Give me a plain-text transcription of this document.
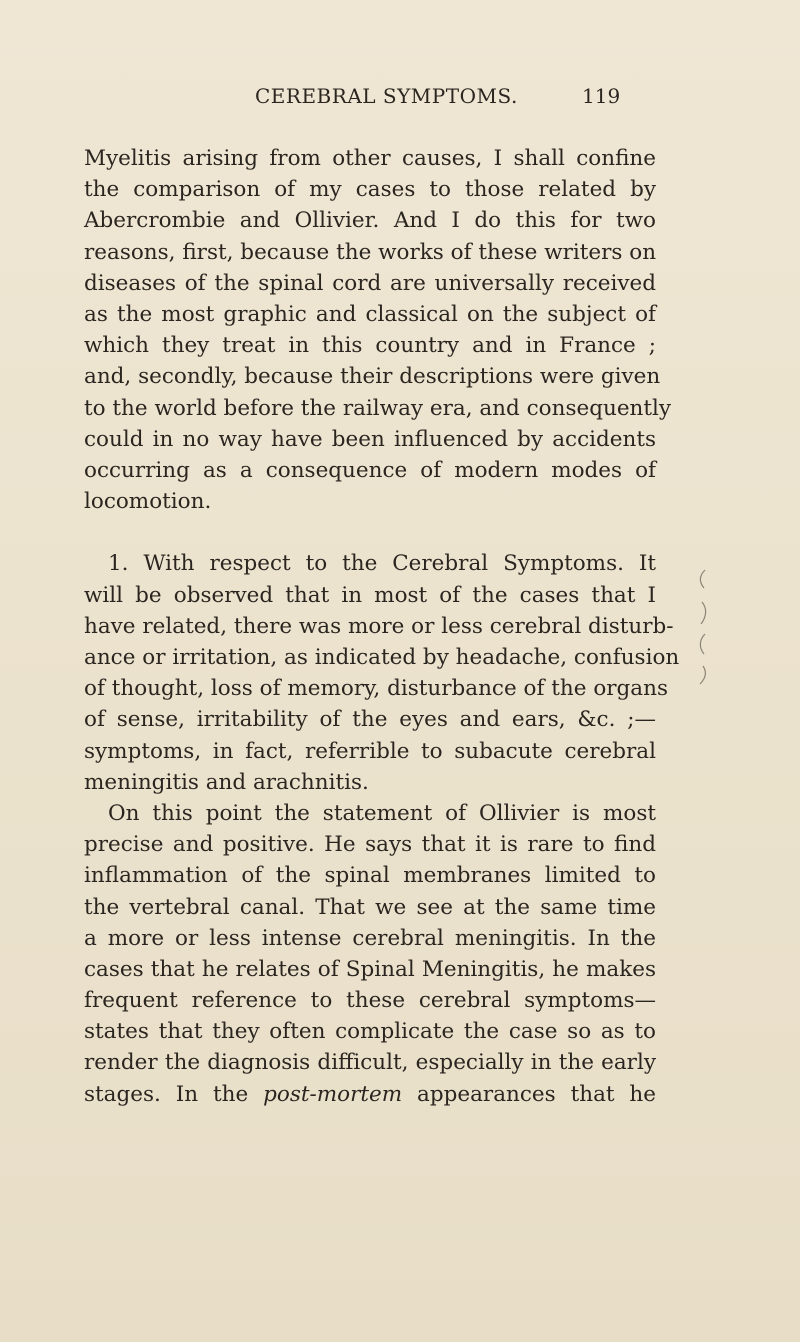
CEREBRAL SYMPTOMS.	119
Myelitis arising from other causes, I shall confine
the comparison of my cases to those related by
Abercrombie and Ollivier. And I do this for two
reasons, first, because the works of these writers on
diseases of the spinal cord are universally received
as the most graphic and classical on the subject of
which they treat in this country and in France ;
and, secondly, because their descriptions were given
to the world before the railway era, and consequently
could in no way have been influenced by accidents
occurring as a consequence of modern modes of
locomotion.
1. With respect to the Cerebral Symptoms. It
will be observed that in most of the cases that I
have related, there was more or less cerebral disturb-
ance or irritation, as indicated by headache, confusion
of thought, loss of memory, disturbance of the organs
of sense, irritability of the eyes and ears, &c. ;—
symptoms, in fact, referrible to subacute cerebral
meningitis and arachnitis.
On this point the statement of Ollivier is most
precise and positive. He says that it is rare to find
inflammation of the spinal membranes limited to
the vertebral canal. That we see at the same time
a more or less intense cerebral meningitis. In the
cases that he relates of Spinal Meningitis, he makes
frequent reference to these cerebral symptoms—
states that they often complicate the case so as to
render the diagnosis difficult, especially in the early
stages. In the post-mortem appearances that he
